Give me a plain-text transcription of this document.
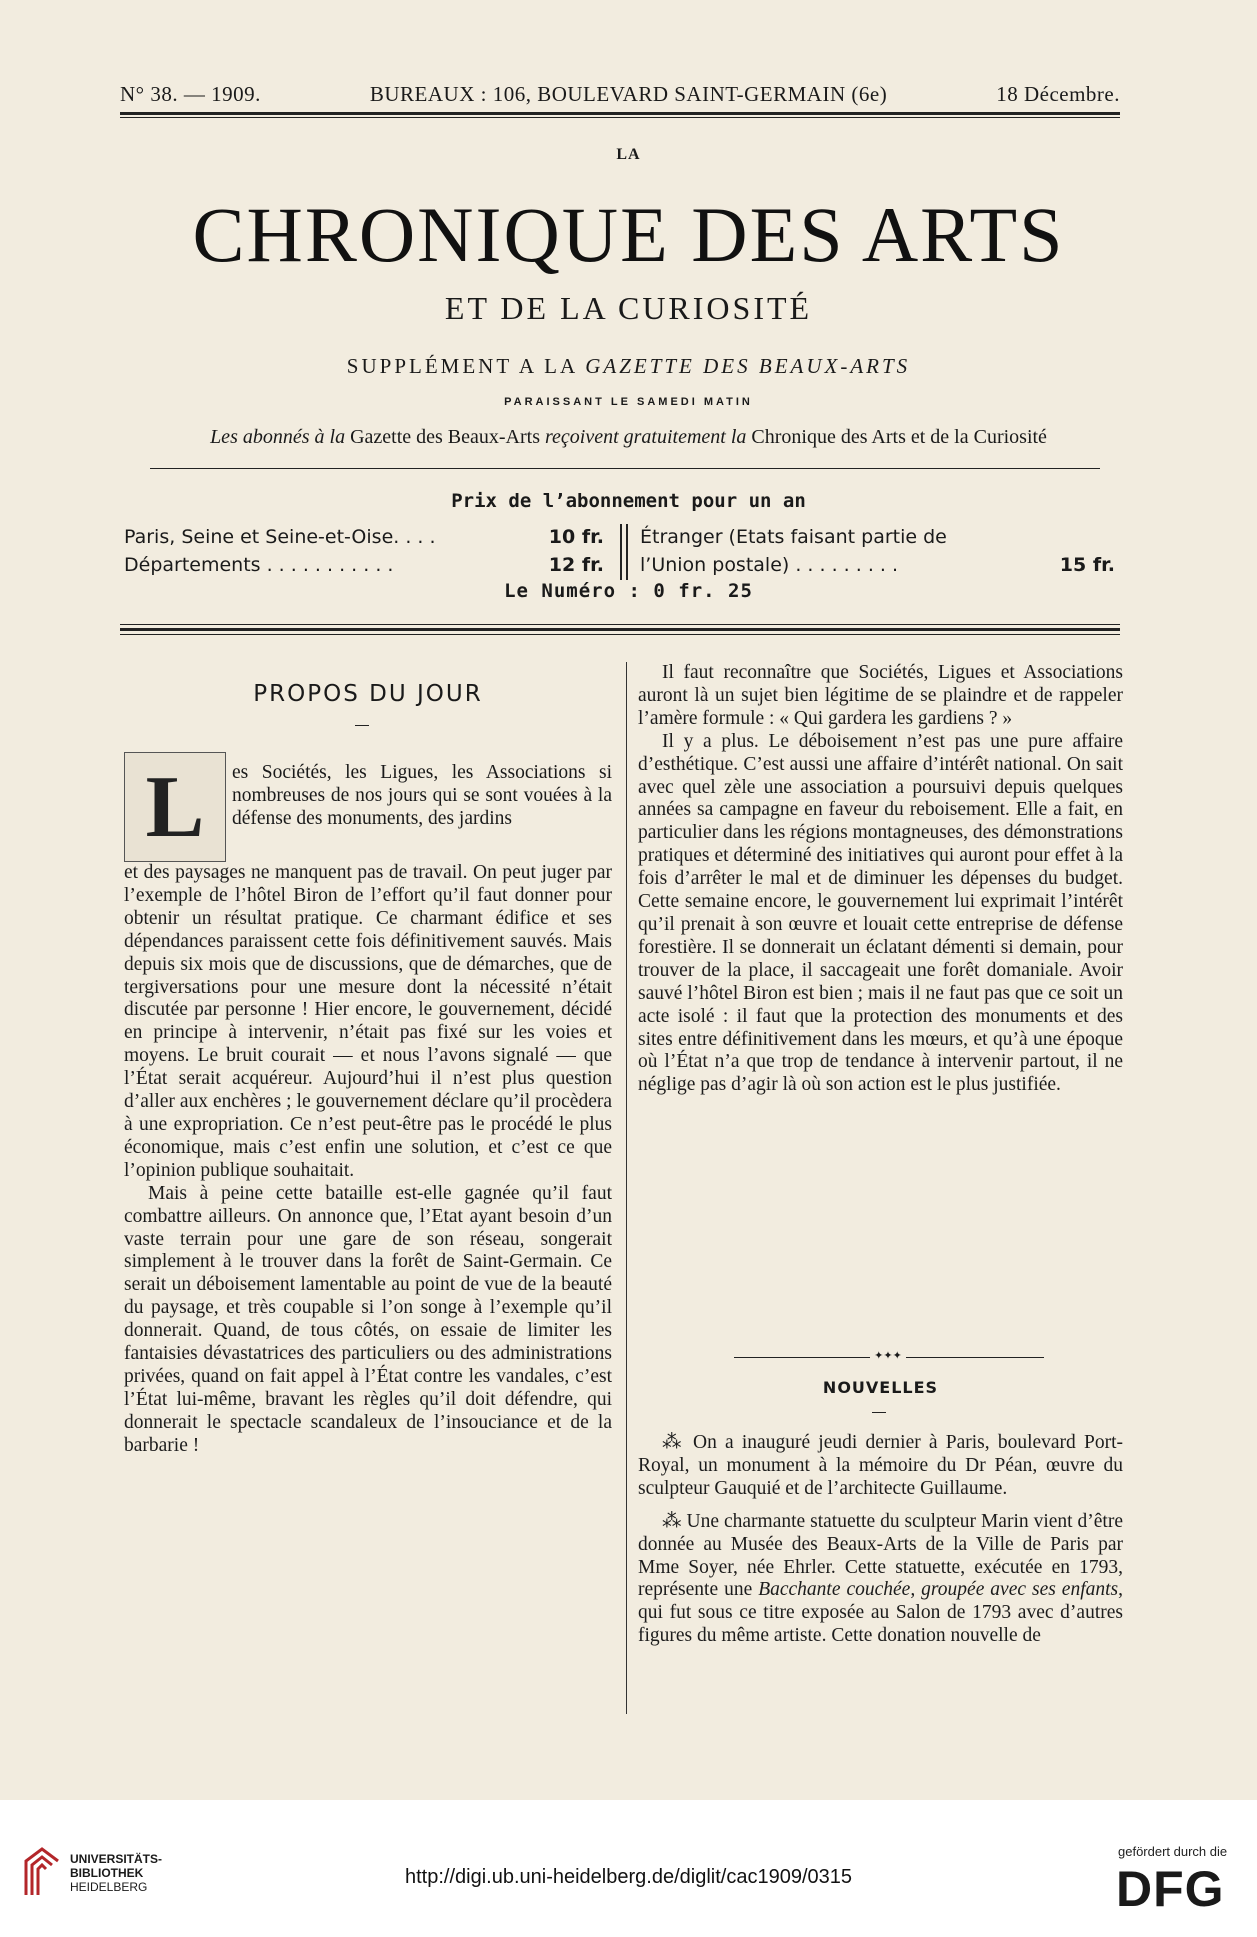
N° 38. — 1909.	BUREAUX : 106, BOULEVARD SAINT-GERMAIN (6e)	18 Décembre.
LA
CHRONIQUE DES ARTS
ET DE LA CURIOSITÉ
SUPPLÉMENT A LA GAZETTE DES BEAUX-ARTS
PARAISSANT LE SAMEDI MATIN
Les abonnés à la Gazette des Beaux-Arts reçoivent gratuitement la Chronique des Arts et de la Curiosité
Prix de l’abonnement pour un an
Paris, Seine et Seine-et-Oise. . . .	10 fr.
Départements . . . . . . . . . . .	12 fr.
Étranger (Etats faisant partie de
l’Union postale) . . . . . . . . .	15 fr.
Le Numéro : 0 fr. 25
PROPOS DU JOUR
L	es Sociétés, les Ligues, les Associations si nombreuses de nos jours qui se sont vouées à la défense des monuments, des jardins

et des paysages ne manquent pas de travail. On peut juger par l’exemple de l’hôtel Biron de l’effort qu’il faut donner pour obtenir un résultat pratique. Ce charmant édifice et ses dépendances paraissent cette fois définitivement sauvés. Mais depuis six mois que de discussions, que de démarches, que de tergiversations pour une mesure dont la nécessité n’était discutée par personne ! Hier encore, le gouvernement, décidé en principe à intervenir, n’était pas fixé sur les voies et moyens. Le bruit courait — et nous l’avons signalé — que l’État serait acquéreur. Aujourd’hui il n’est plus question d’aller aux enchères ; le gouvernement déclare qu’il procèdera à une expropriation. Ce n’est peut-être pas le procédé le plus économique, mais c’est enfin une solution, et c’est ce que l’opinion publique souhaitait.

Mais à peine cette bataille est-elle gagnée qu’il faut combattre ailleurs. On annonce que, l’Etat ayant besoin d’un vaste terrain pour une gare de son réseau, songerait simplement à le trouver dans la forêt de Saint-Germain. Ce serait un déboisement lamentable au point de vue de la beauté du paysage, et très coupable si l’on songe à l’exemple qu’il donnerait. Quand, de tous côtés, on essaie de limiter les fantaisies dévastatrices des particuliers ou des administrations privées, quand on fait appel à l’État contre les vandales, c’est l’État lui-même, bravant les règles qu’il doit défendre, qui donnerait le spectacle scandaleux de l’insouciance et de la barbarie !

Il faut reconnaître que Sociétés, Ligues et Associations auront là un sujet bien légitime de se plaindre et de rappeler l’amère formule : « Qui gardera les gardiens ? »

Il y a plus. Le déboisement n’est pas une pure affaire d’esthétique. C’est aussi une affaire d’intérêt national. On sait avec quel zèle une association a poursuivi depuis quelques années sa campagne en faveur du reboisement. Elle a fait, en particulier dans les régions montagneuses, des démonstrations pratiques et déterminé des initiatives qui auront pour effet à la fois d’arrêter le mal et de diminuer les dépenses du budget. Cette semaine encore, le gouvernement lui exprimait l’intérêt qu’il prenait à son œuvre et louait cette entreprise de défense forestière. Il se donnerait un éclatant démenti si demain, pour trouver de la place, il saccageait une forêt domaniale. Avoir sauvé l’hôtel Biron est bien ; mais il ne faut pas que ce soit un acte isolé : il faut que la protection des monuments et des sites entre définitivement dans les mœurs, et qu’à une époque où l’État n’a que trop de tendance à intervenir partout, il ne néglige pas d’agir là où son action est le plus justifiée.

✦✦✦
NOUVELLES

⁂ On a inauguré jeudi dernier à Paris, boulevard Port-Royal, un monument à la mémoire du Dr Péan, œuvre du sculpteur Gauquié et de l’architecte Guillaume.

⁂ Une charmante statuette du sculpteur Marin vient d’être donnée au Musée des Beaux-Arts de la Ville de Paris par Mme Soyer, née Ehrler. Cette statuette, exécutée en 1793, représente une Bacchante couchée, groupée avec ses enfants, qui fut sous ce titre exposée au Salon de 1793 avec d’autres figures du même artiste. Cette donation nouvelle de

UNIVERSITÄTS-
BIBLIOTHEK
HEIDELBERG	http://digi.ub.uni-heidelberg.de/diglit/cac1909/0315
gefördert durch die
DFG
